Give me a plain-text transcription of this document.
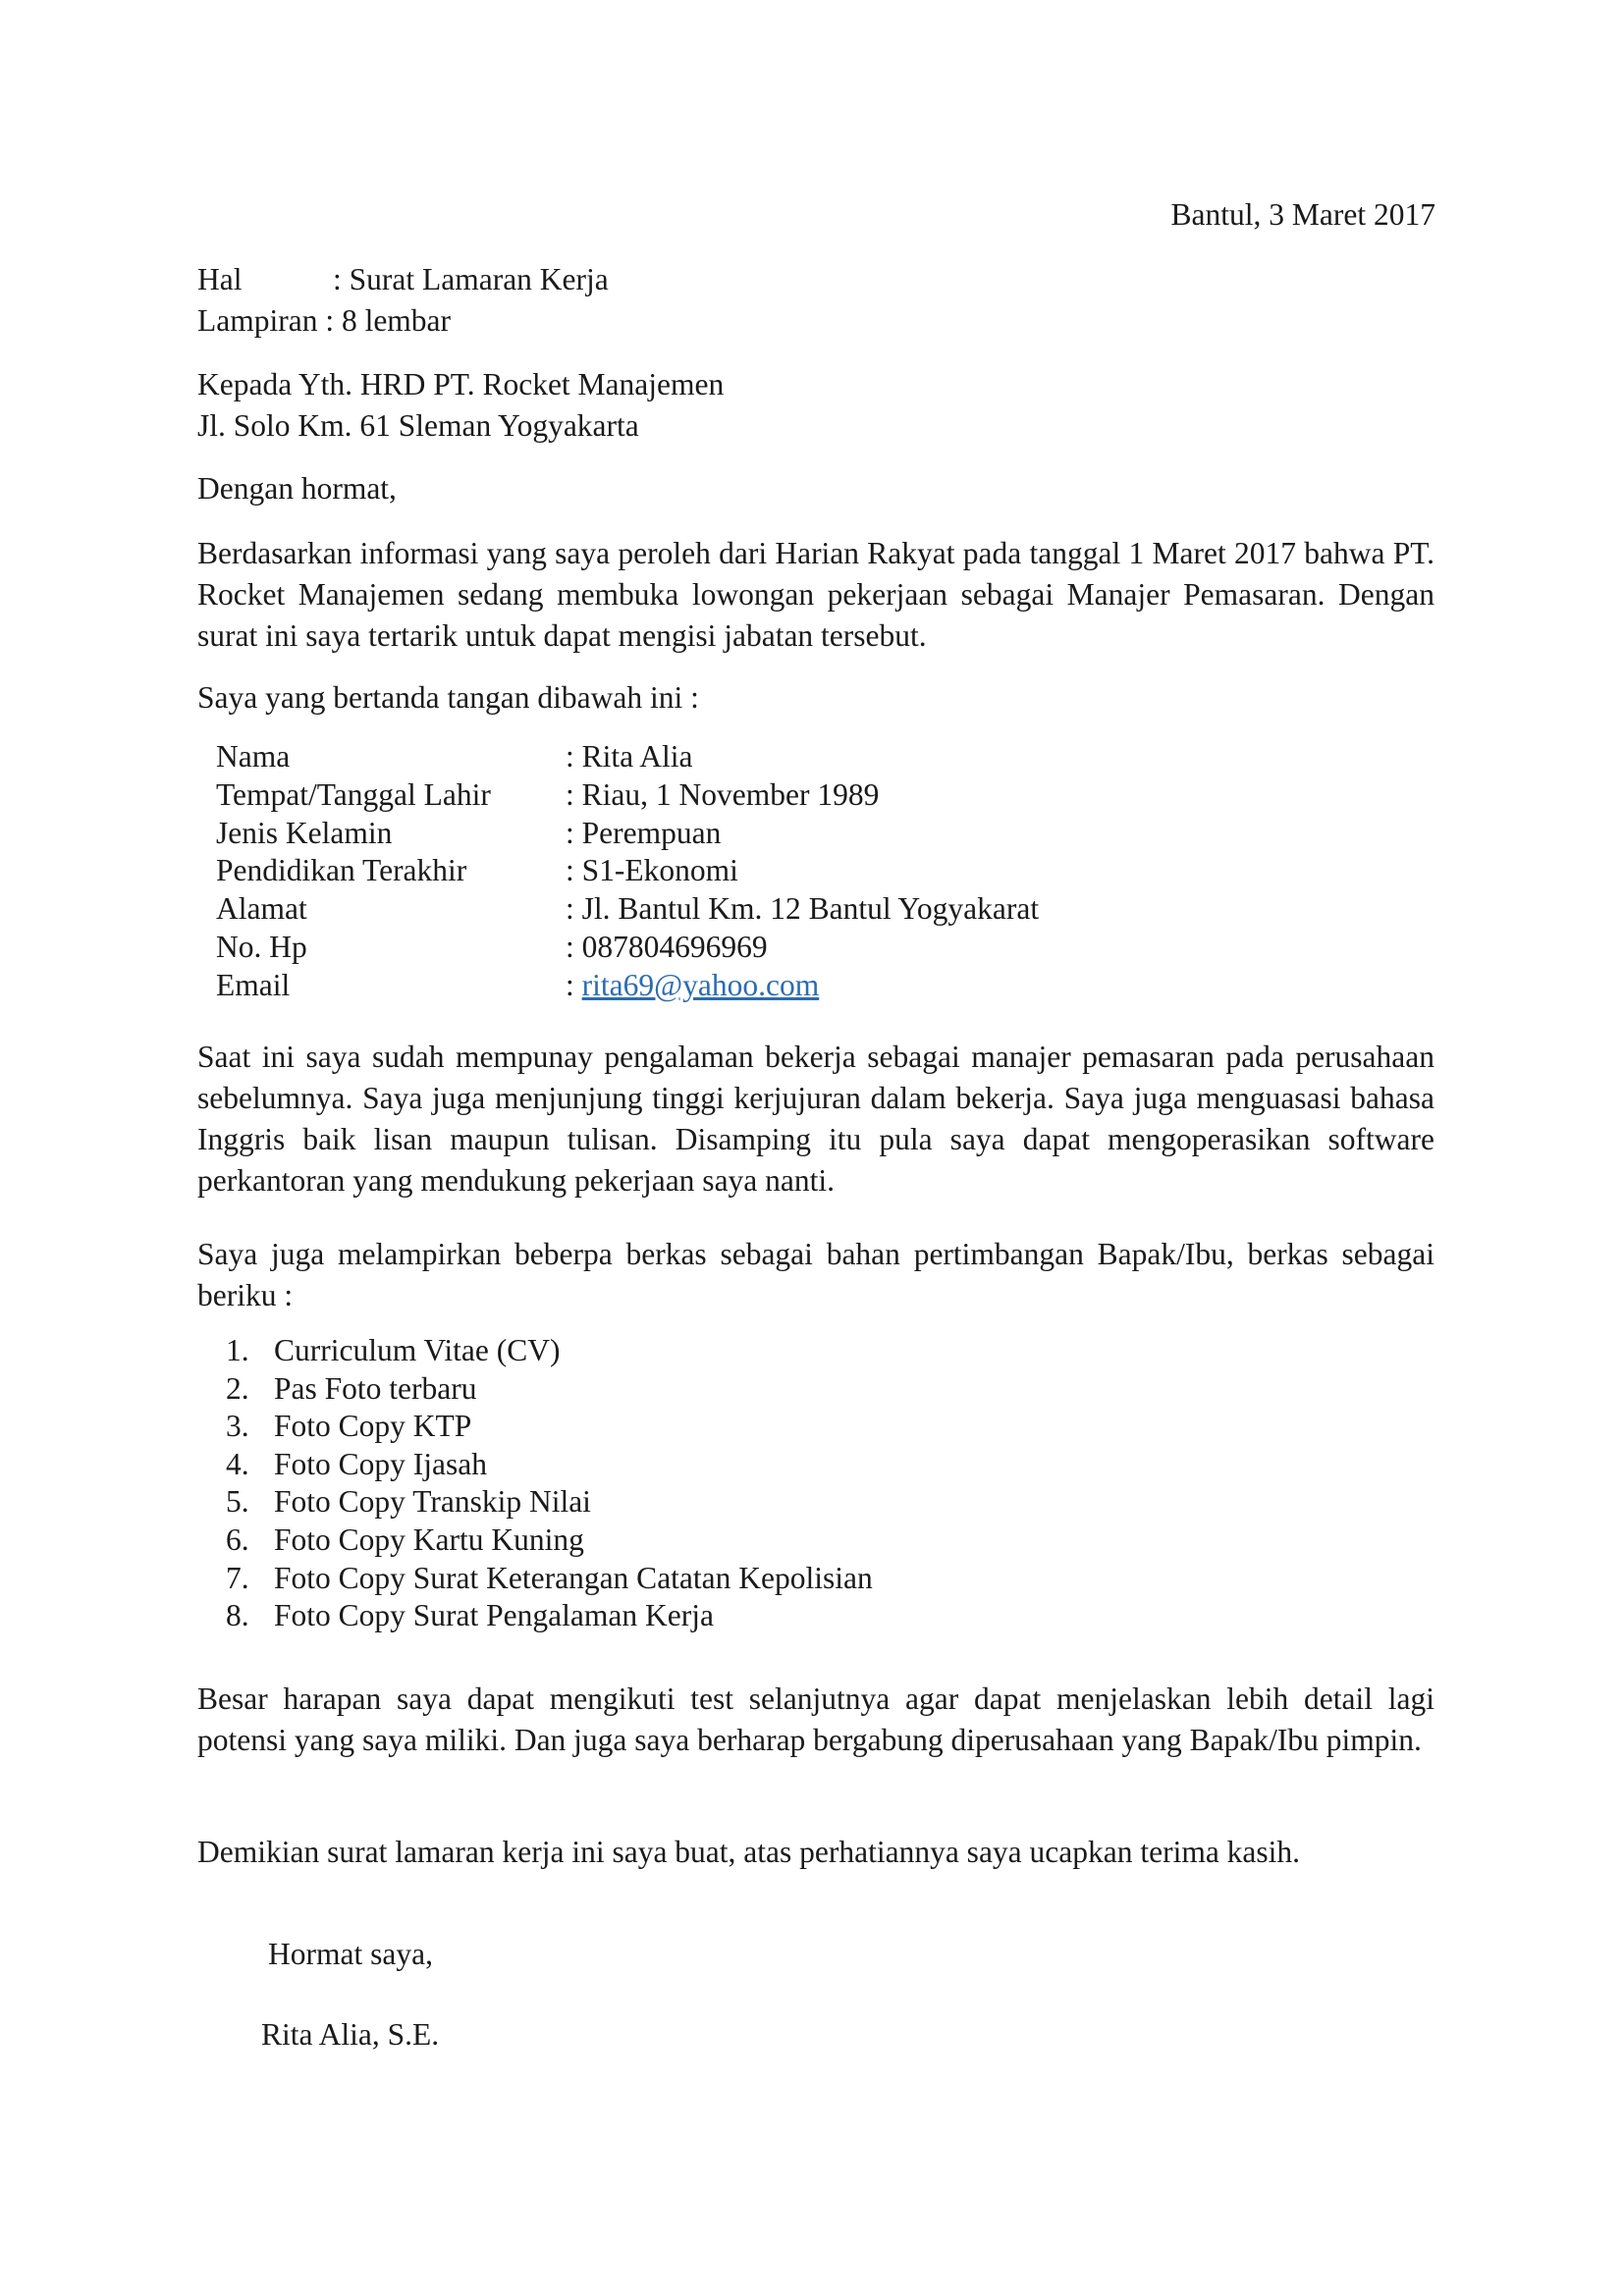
Bantul, 3 Maret 2017
Hal	: Surat Lamaran Kerja
Lampiran : 8 lembar
Kepada Yth. HRD PT. Rocket Manajemen
Jl. Solo Km. 61 Sleman Yogyakarta
Dengan hormat,
Berdasarkan informasi yang saya peroleh dari Harian Rakyat pada tanggal 1 Maret 2017 bahwa PT. Rocket Manajemen sedang membuka lowongan pekerjaan sebagai Manajer Pemasaran. Dengan surat ini saya tertarik untuk dapat mengisi jabatan tersebut.
Saya yang bertanda tangan dibawah ini :
Nama	: Rita Alia
Tempat/Tanggal Lahir	: Riau, 1 November 1989
Jenis Kelamin	: Perempuan
Pendidikan Terakhir	: S1-Ekonomi
Alamat	: Jl. Bantul Km. 12 Bantul Yogyakarat
No. Hp	: 087804696969
Email	: rita69@yahoo.com
Saat ini saya sudah mempunay pengalaman bekerja sebagai manajer pemasaran pada perusahaan sebelumnya. Saya juga menjunjung tinggi kerjujuran dalam bekerja. Saya juga menguasasi bahasa Inggris baik lisan maupun tulisan. Disamping itu pula saya dapat mengoperasikan software perkantoran yang mendukung pekerjaan saya nanti.
Saya juga melampirkan beberpa berkas sebagai bahan pertimbangan Bapak/Ibu, berkas sebagai beriku :
1. Curriculum Vitae (CV)
2. Pas Foto terbaru
3. Foto Copy KTP
4. Foto Copy Ijasah
5. Foto Copy Transkip Nilai
6. Foto Copy Kartu Kuning
7. Foto Copy Surat Keterangan Catatan Kepolisian
8. Foto Copy Surat Pengalaman Kerja
Besar harapan saya dapat mengikuti test selanjutnya agar dapat menjelaskan lebih detail lagi potensi yang saya miliki. Dan juga saya berharap bergabung diperusahaan yang Bapak/Ibu pimpin.
Demikian surat lamaran kerja ini saya buat, atas perhatiannya saya ucapkan terima kasih.
Hormat saya,
Rita Alia, S.E.
